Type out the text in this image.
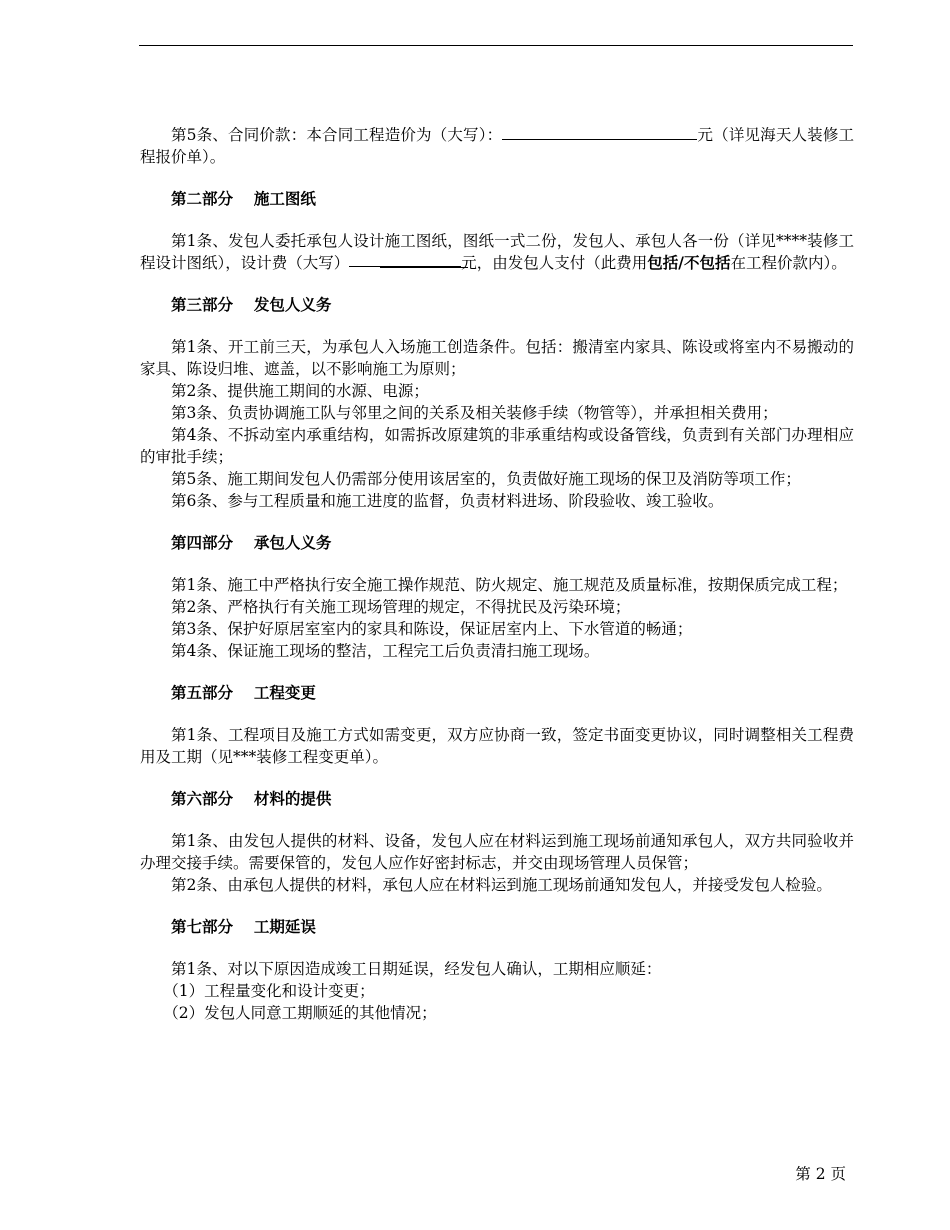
第5条、合同价款：本合同工程造价为（大写）：	元（详见海天人装修工程报价单）。

第二部分　 施工图纸

第1条、发包人委托承包人设计施工图纸，图纸一式二份，发包人、承包人各一份（详见****装修工程设计图纸），设计费（大写）	元，由发包人支付（此费用包括/不包括在工程价款内）。

第三部分　 发包人义务

第1条、开工前三天，为承包人入场施工创造条件。包括：搬清室内家具、陈设或将室内不易搬动的家具、陈设归堆、遮盖，以不影响施工为原则；

第2条、提供施工期间的水源、电源；

第3条、负责协调施工队与邻里之间的关系及相关装修手续（物管等），并承担相关费用；

第4条、不拆动室内承重结构，如需拆改原建筑的非承重结构或设备管线，负责到有关部门办理相应的审批手续；

第5条、施工期间发包人仍需部分使用该居室的，负责做好施工现场的保卫及消防等项工作；

第6条、参与工程质量和施工进度的监督，负责材料进场、阶段验收、竣工验收。

第四部分　 承包人义务

第1条、施工中严格执行安全施工操作规范、防火规定、施工规范及质量标准，按期保质完成工程；

第2条、严格执行有关施工现场管理的规定，不得扰民及污染环境；

第3条、保护好原居室室内的家具和陈设，保证居室内上、下水管道的畅通；

第4条、保证施工现场的整洁，工程完工后负责清扫施工现场。

第五部分　 工程变更

第1条、工程项目及施工方式如需变更，双方应协商一致，签定书面变更协议，同时调整相关工程费用及工期（见***装修工程变更单）。

第六部分　 材料的提供

第1条、由发包人提供的材料、设备，发包人应在材料运到施工现场前通知承包人，双方共同验收并办理交接手续。需要保管的，发包人应作好密封标志，并交由现场管理人员保管；

第2条、由承包人提供的材料，承包人应在材料运到施工现场前通知发包人，并接受发包人检验。

第七部分　 工期延误

第1条、对以下原因造成竣工日期延误，经发包人确认，工期相应顺延：

（1）工程量变化和设计变更；

（2）发包人同意工期顺延的其他情况；

第 2 页
